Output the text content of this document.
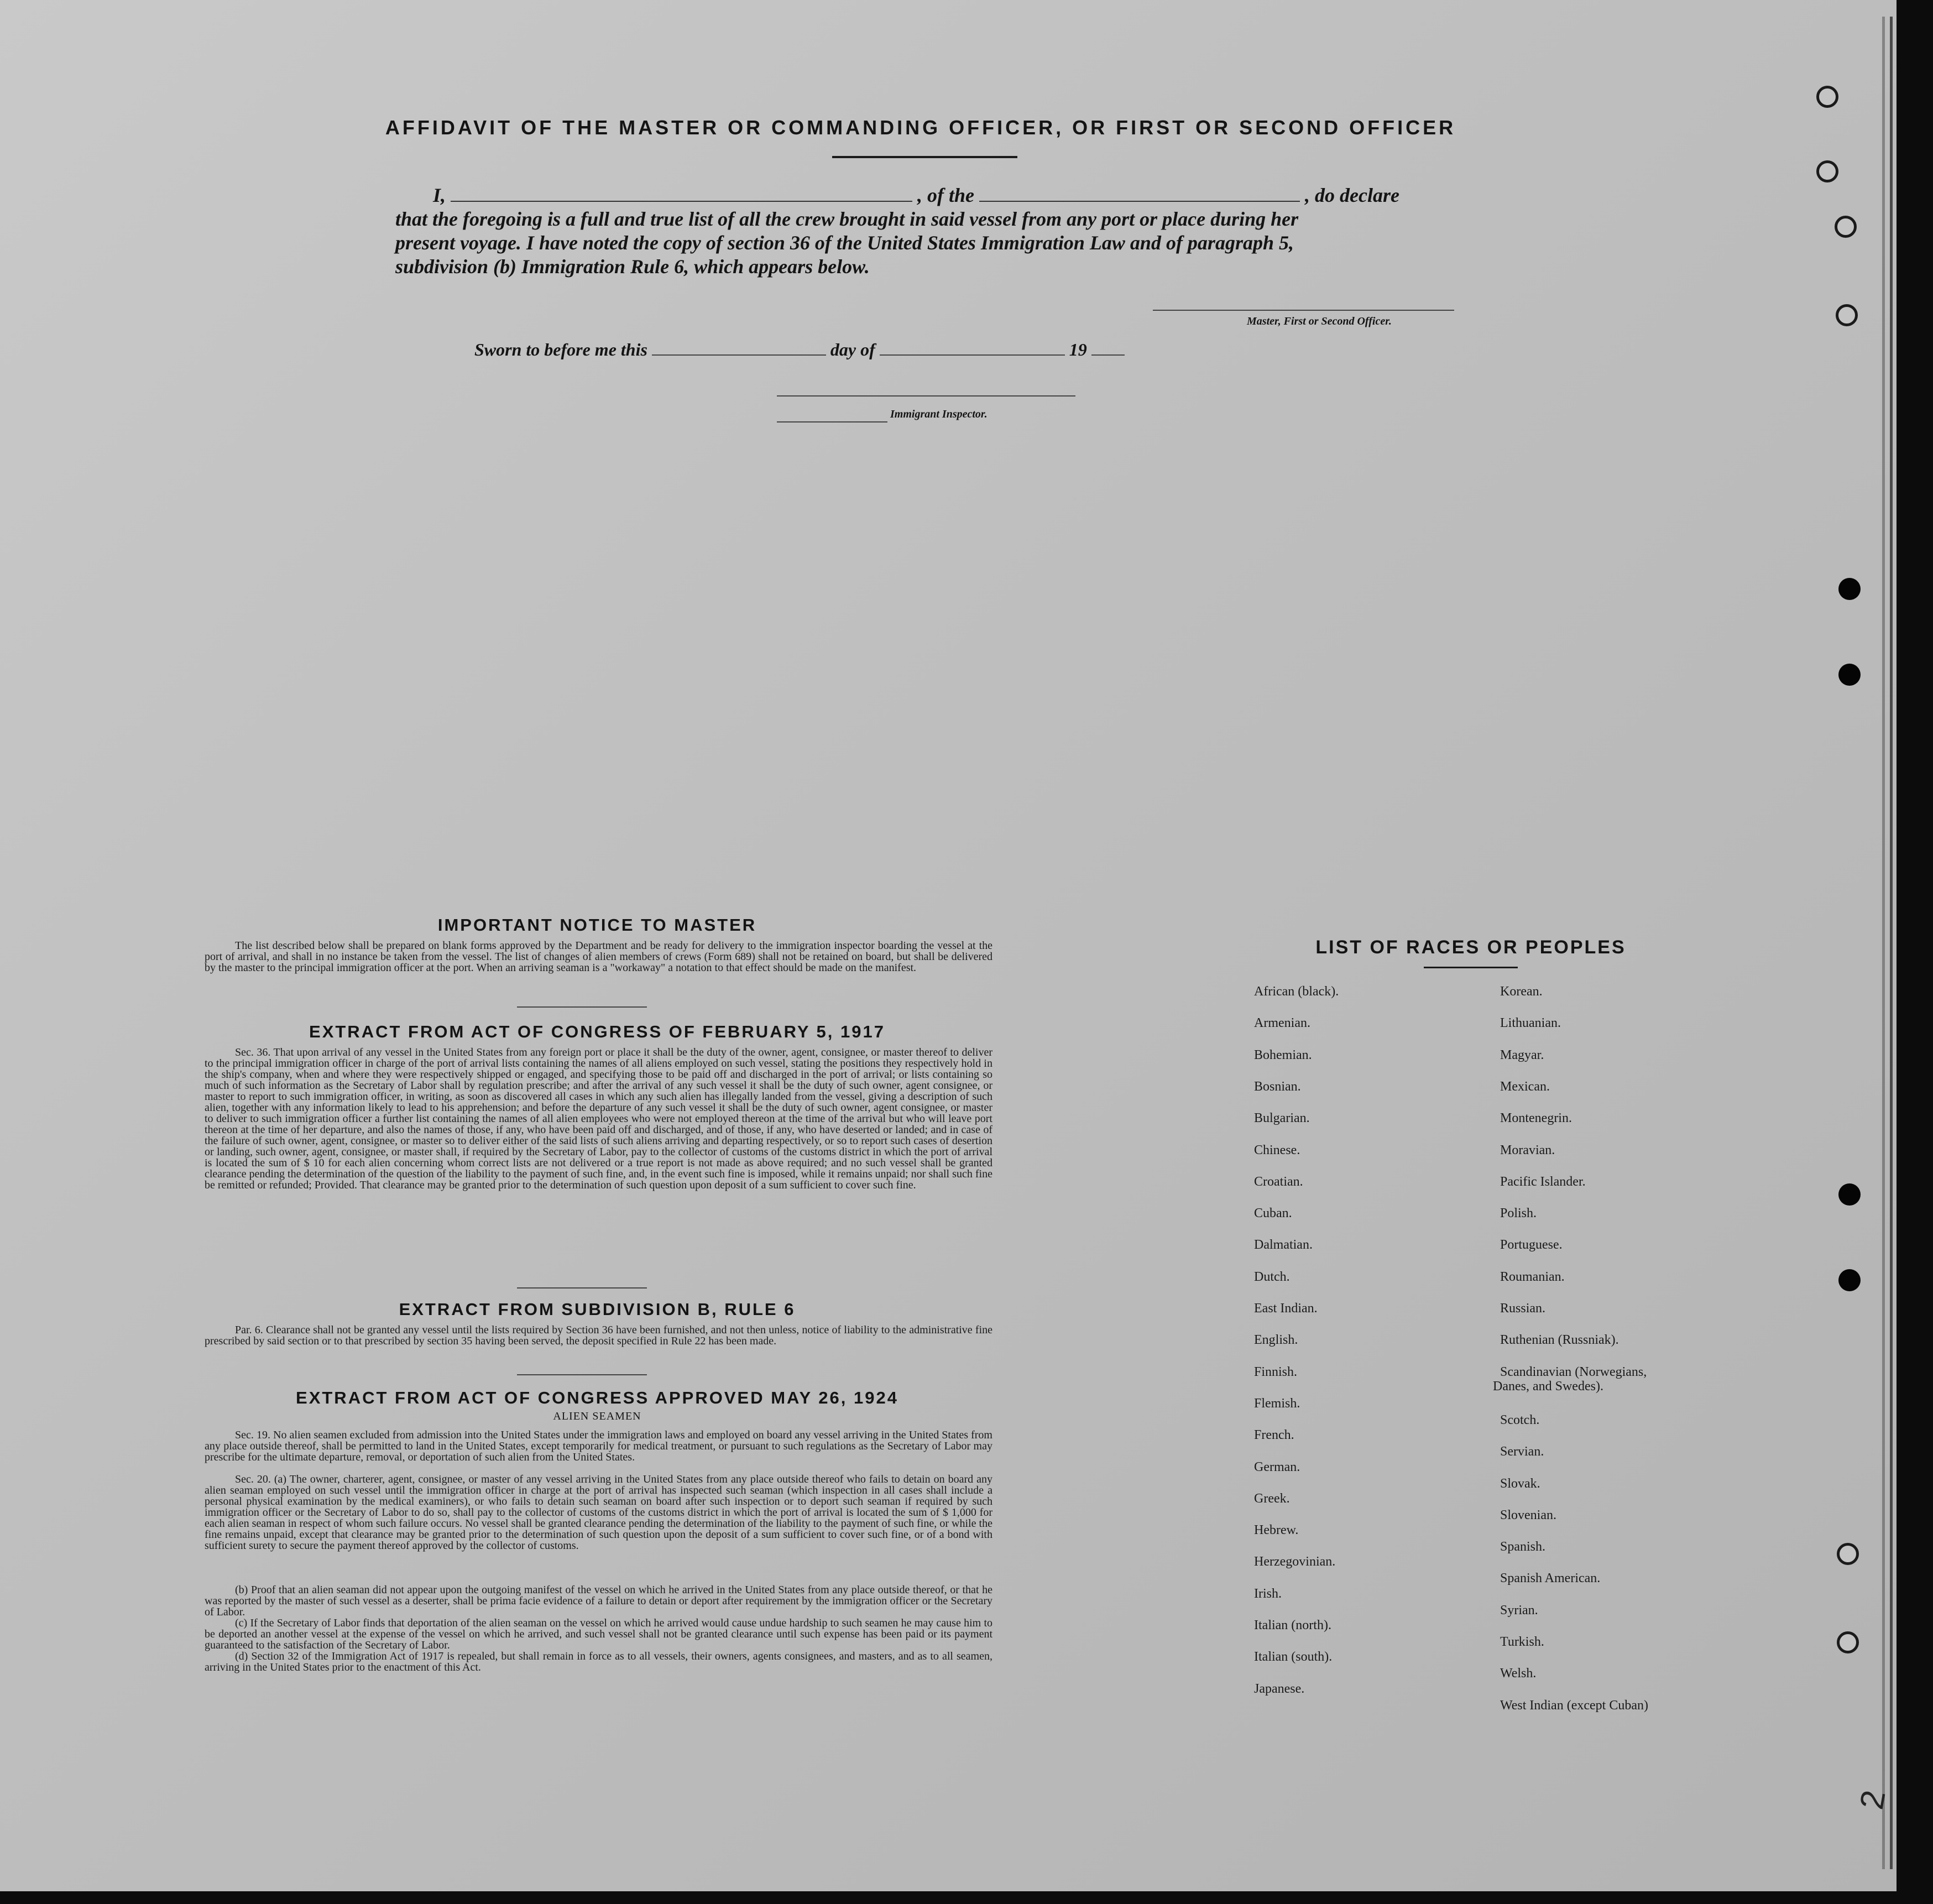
2
AFFIDAVIT OF THE MASTER OR COMMANDING OFFICER, OR FIRST OR SECOND OFFICER
I,	, of the	, do declare
that the foregoing is a full and true list of all the crew brought in said vessel from any port or place during her
present voyage. I have noted the copy of section 36 of the United States Immigration Law and of paragraph 5,
subdivision (b) Immigration Rule 6, which appears below.
Master, First or Second Officer.
Sworn to before me this	day of	19
Immigrant Inspector.
IMPORTANT NOTICE TO MASTER
The list described below shall be prepared on blank forms approved by the Department and be ready for delivery to the immigration inspector boarding the vessel at the port of arrival, and shall in no instance be taken from the vessel. The list of changes of alien members of crews (Form 689) shall not be retained on board, but shall be delivered by the master to the principal immigration officer at the port. When an arriving seaman is a "workaway" a notation to that effect should be made on the manifest.
EXTRACT FROM ACT OF CONGRESS OF FEBRUARY 5, 1917
Sec. 36. That upon arrival of any vessel in the United States from any foreign port or place it shall be the duty of the owner, agent, consignee, or master thereof to deliver to the principal immigration officer in charge of the port of arrival lists containing the names of all aliens employed on such vessel, stating the positions they respectively hold in the ship's company, when and where they were respectively shipped or engaged, and specifying those to be paid off and discharged in the port of arrival; or lists containing so much of such information as the Secretary of Labor shall by regulation prescribe; and after the arrival of any such vessel it shall be the duty of such owner, agent consignee, or master to report to such immigration officer, in writing, as soon as discovered all cases in which any such alien has illegally landed from the vessel, giving a description of such alien, together with any information likely to lead to his apprehension; and before the departure of any such vessel it shall be the duty of such owner, agent consignee, or master to deliver to such immigration officer a further list containing the names of all alien employees who were not employed thereon at the time of the arrival but who will leave port thereon at the time of her departure, and also the names of those, if any, who have been paid off and discharged, and of those, if any, who have deserted or landed; and in case of the failure of such owner, agent, consignee, or master so to deliver either of the said lists of such aliens arriving and departing respectively, or so to report such cases of desertion or landing, such owner, agent, consignee, or master shall, if required by the Secretary of Labor, pay to the collector of customs of the customs district in which the port of arrival is located the sum of $ 10 for each alien concerning whom correct lists are not delivered or a true report is not made as above required; and no such vessel shall be granted clearance pending the determination of the question of the liability to the payment of such fine, and, in the event such fine is imposed, while it remains unpaid; nor shall such fine be remitted or refunded; Provided. That clearance may be granted prior to the determination of such question upon deposit of a sum sufficient to cover such fine.
EXTRACT FROM SUBDIVISION B, RULE 6
Par. 6. Clearance shall not be granted any vessel until the lists required by Section 36 have been furnished, and not then unless, notice of liability to the administrative fine prescribed by said section or to that prescribed by section 35 having been served, the deposit specified in Rule 22 has been made.
EXTRACT FROM ACT OF CONGRESS APPROVED MAY 26, 1924
ALIEN SEAMEN
Sec. 19. No alien seamen excluded from admission into the United States under the immigration laws and employed on board any vessel arriving in the United States from any place outside thereof, shall be permitted to land in the United States, except temporarily for medical treatment, or pursuant to such regulations as the Secretary of Labor may prescribe for the ultimate departure, removal, or deportation of such alien from the United States.
Sec. 20. (a) The owner, charterer, agent, consignee, or master of any vessel arriving in the United States from any place outside thereof who fails to detain on board any alien seaman employed on such vessel until the immigration officer in charge at the port of arrival has inspected such seaman (which inspection in all cases shall include a personal physical examination by the medical examiners), or who fails to detain such seaman on board after such inspection or to deport such seaman if required by such immigration officer or the Secretary of Labor to do so, shall pay to the collector of customs of the customs district in which the port of arrival is located the sum of $ 1,000 for each alien seaman in respect of whom such failure occurs. No vessel shall be granted clearance pending the determination of the liability to the payment of such fine, or while the fine remains unpaid, except that clearance may be granted prior to the determination of such question upon the deposit of a sum sufficient to cover such fine, or of a bond with sufficient surety to secure the payment thereof approved by the collector of customs.
(b) Proof that an alien seaman did not appear upon the outgoing manifest of the vessel on which he arrived in the United States from any place outside thereof, or that he was reported by the master of such vessel as a deserter, shall be prima facie evidence of a failure to detain or deport after requirement by the immigration officer or the Secretary of Labor.
(c) If the Secretary of Labor finds that deportation of the alien seaman on the vessel on which he arrived would cause undue hardship to such seamen he may cause him to be deported an another vessel at the expense of the vessel on which he arrived, and such vessel shall not be granted clearance until such expense has been paid or its payment guaranteed to the satisfaction of the Secretary of Labor.
(d) Section 32 of the Immigration Act of 1917 is repealed, but shall remain in force as to all vessels, their owners, agents consignees, and masters, and as to all seamen, arriving in the United States prior to the enactment of this Act.
LIST OF RACES OR PEOPLES
African (black).
Armenian.
Bohemian.
Bosnian.
Bulgarian.
Chinese.
Croatian.
Cuban.
Dalmatian.
Dutch.
East Indian.
English.
Finnish.
Flemish.
French.
German.
Greek.
Hebrew.
Herzegovinian.
Irish.
Italian (north).
Italian (south).
Japanese.
Korean.
Lithuanian.
Magyar.
Mexican.
Montenegrin.
Moravian.
Pacific Islander.
Polish.
Portuguese.
Roumanian.
Russian.
Ruthenian (Russniak).
Scandinavian (Norwegians,
Danes, and Swedes).
Scotch.
Servian.
Slovak.
Slovenian.
Spanish.
Spanish American.
Syrian.
Turkish.
Welsh.
West Indian (except Cuban)
